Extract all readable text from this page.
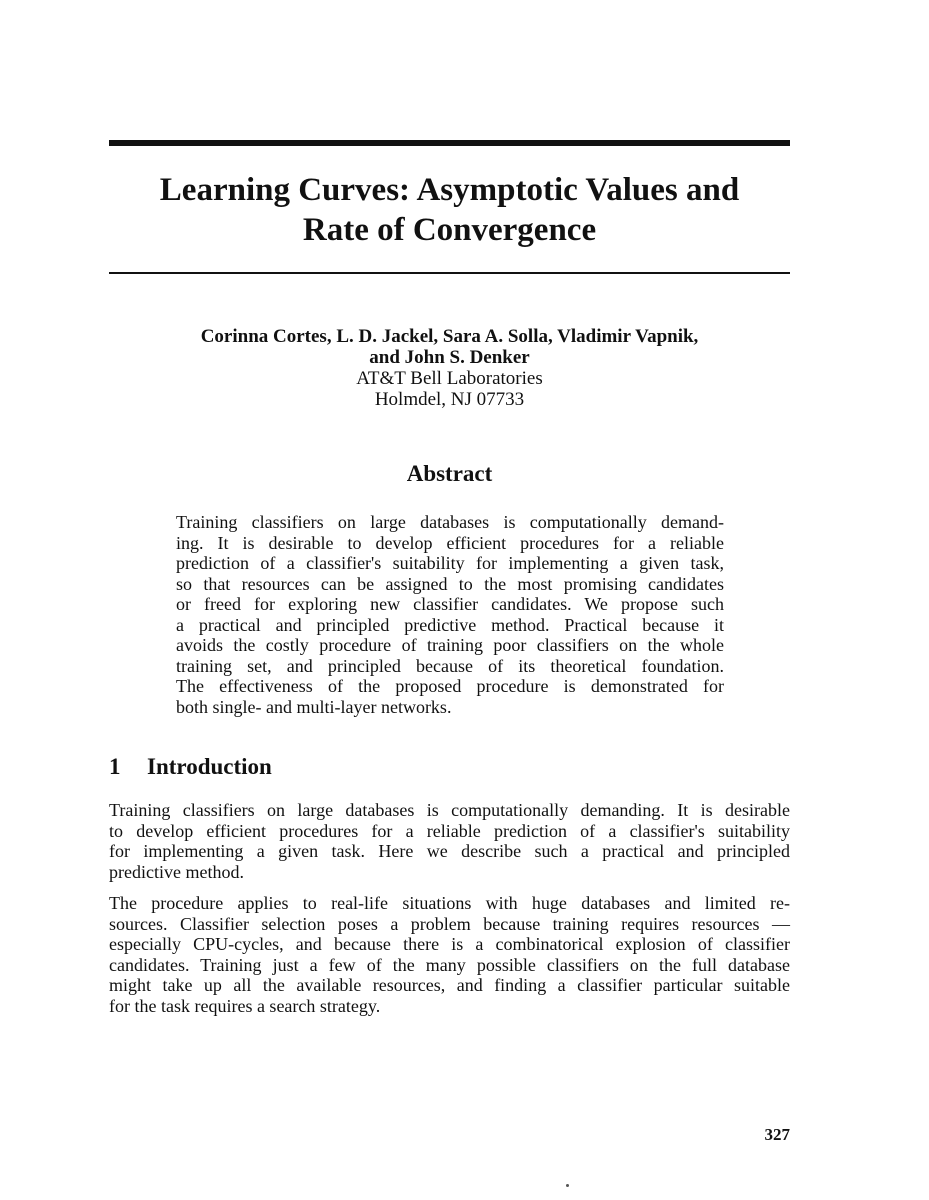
Learning Curves: Asymptotic Values and
Rate of Convergence
Corinna Cortes, L. D. Jackel, Sara A. Solla, Vladimir Vapnik,
and John S. Denker
AT&T Bell Laboratories
Holmdel, NJ 07733
Abstract
Training classifiers on large databases is computationally demand-
ing. It is desirable to develop efficient procedures for a reliable
prediction of a classifier's suitability for implementing a given task,
so that resources can be assigned to the most promising candidates
or freed for exploring new classifier candidates. We propose such
a practical and principled predictive method. Practical because it
avoids the costly procedure of training poor classifiers on the whole
training set, and principled because of its theoretical foundation.
The effectiveness of the proposed procedure is demonstrated for
both single- and multi-layer networks.
1 Introduction
Training classifiers on large databases is computationally demanding. It is desirable
to develop efficient procedures for a reliable prediction of a classifier's suitability
for implementing a given task. Here we describe such a practical and principled
predictive method.
The procedure applies to real-life situations with huge databases and limited re-
sources. Classifier selection poses a problem because training requires resources —
especially CPU-cycles, and because there is a combinatorical explosion of classifier
candidates. Training just a few of the many possible classifiers on the full database
might take up all the available resources, and finding a classifier particular suitable
for the task requires a search strategy.
327
